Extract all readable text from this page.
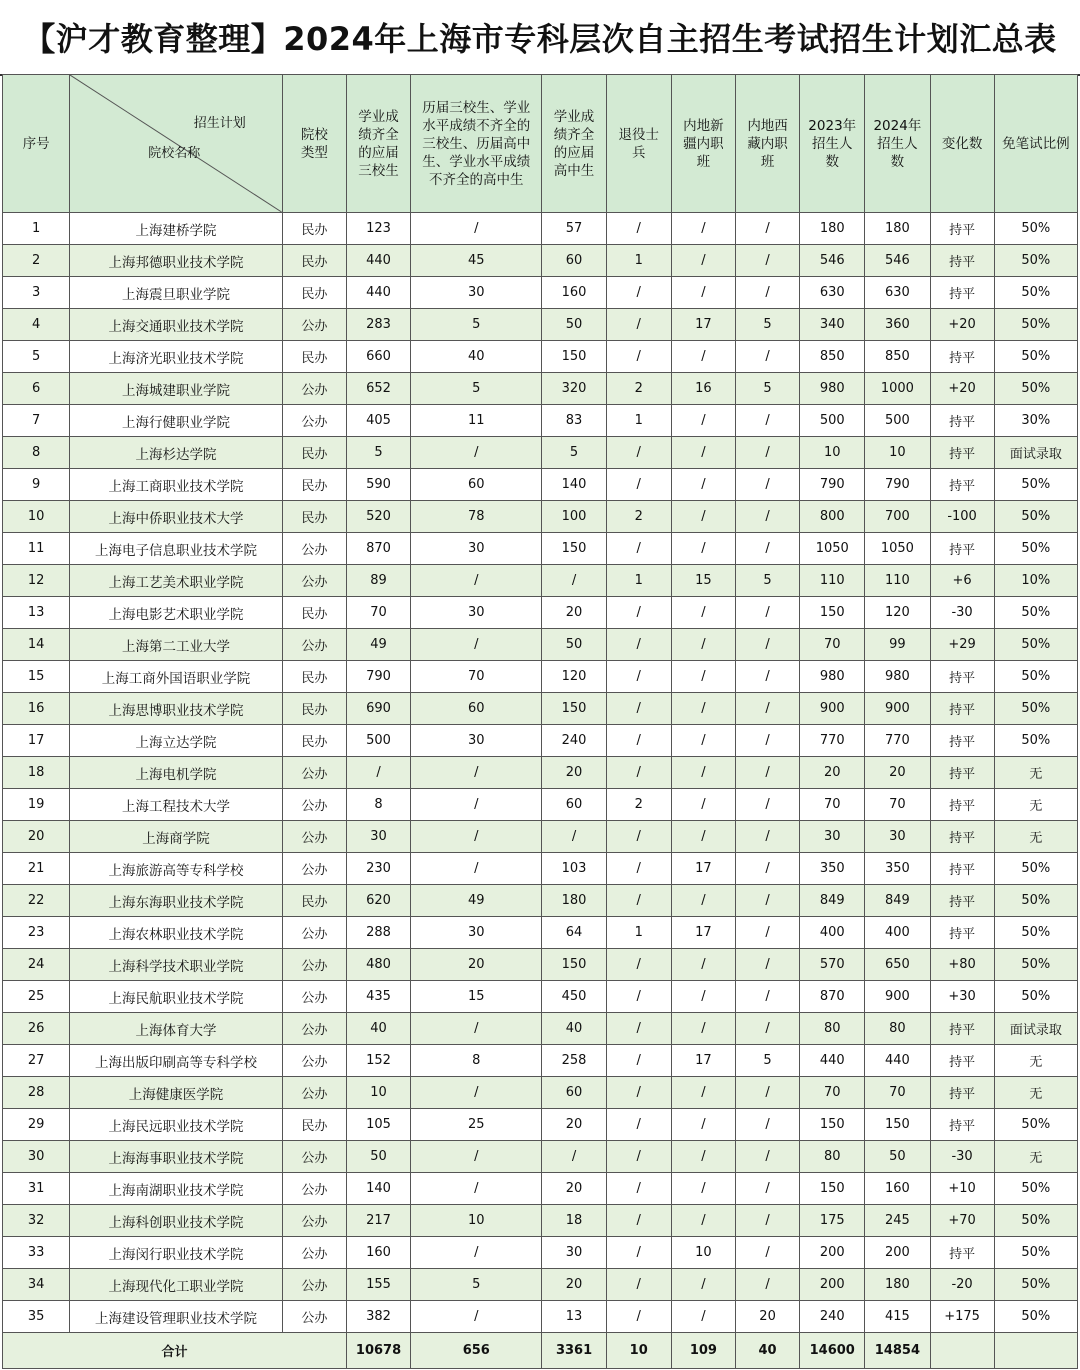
【沪才教育整理】2024年上海市专科层次自主招生考试招生计划汇总表
序号	招生计划
院校名称	院校类型	学业成绩齐全的应届三校生	历届三校生、学业水平成绩不齐全的三校生、历届高中生、学业水平成绩不齐全的高中生	学业成绩齐全的应届高中生	退役士兵	内地新疆内职班	内地西藏内职班	2023年招生人数	2024年招生人数	变化数	免笔试比例
1	上海建桥学院	民办	123	/	57	/	/	/	180	180	持平	50%
2	上海邦德职业技术学院	民办	440	45	60	1	/	/	546	546	持平	50%
3	上海震旦职业学院	民办	440	30	160	/	/	/	630	630	持平	50%
4	上海交通职业技术学院	公办	283	5	50	/	17	5	340	360	+20	50%
5	上海济光职业技术学院	民办	660	40	150	/	/	/	850	850	持平	50%
6	上海城建职业学院	公办	652	5	320	2	16	5	980	1000	+20	50%
7	上海行健职业学院	公办	405	11	83	1	/	/	500	500	持平	30%
8	上海杉达学院	民办	5	/	5	/	/	/	10	10	持平	面试录取
9	上海工商职业技术学院	民办	590	60	140	/	/	/	790	790	持平	50%
10	上海中侨职业技术大学	民办	520	78	100	2	/	/	800	700	-100	50%
11	上海电子信息职业技术学院	公办	870	30	150	/	/	/	1050	1050	持平	50%
12	上海工艺美术职业学院	公办	89	/	/	1	15	5	110	110	+6	10%
13	上海电影艺术职业学院	民办	70	30	20	/	/	/	150	120	-30	50%
14	上海第二工业大学	公办	49	/	50	/	/	/	70	99	+29	50%
15	上海工商外国语职业学院	民办	790	70	120	/	/	/	980	980	持平	50%
16	上海思博职业技术学院	民办	690	60	150	/	/	/	900	900	持平	50%
17	上海立达学院	民办	500	30	240	/	/	/	770	770	持平	50%
18	上海电机学院	公办	/	/	20	/	/	/	20	20	持平	无
19	上海工程技术大学	公办	8	/	60	2	/	/	70	70	持平	无
20	上海商学院	公办	30	/	/	/	/	/	30	30	持平	无
21	上海旅游高等专科学校	公办	230	/	103	/	17	/	350	350	持平	50%
22	上海东海职业技术学院	民办	620	49	180	/	/	/	849	849	持平	50%
23	上海农林职业技术学院	公办	288	30	64	1	17	/	400	400	持平	50%
24	上海科学技术职业学院	公办	480	20	150	/	/	/	570	650	+80	50%
25	上海民航职业技术学院	公办	435	15	450	/	/	/	870	900	+30	50%
26	上海体育大学	公办	40	/	40	/	/	/	80	80	持平	面试录取
27	上海出版印刷高等专科学校	公办	152	8	258	/	17	5	440	440	持平	无
28	上海健康医学院	公办	10	/	60	/	/	/	70	70	持平	无
29	上海民远职业技术学院	民办	105	25	20	/	/	/	150	150	持平	50%
30	上海海事职业技术学院	公办	50	/	/	/	/	/	80	50	-30	无
31	上海南湖职业技术学院	公办	140	/	20	/	/	/	150	160	+10	50%
32	上海科创职业技术学院	公办	217	10	18	/	/	/	175	245	+70	50%
33	上海闵行职业技术学院	公办	160	/	30	/	10	/	200	200	持平	50%
34	上海现代化工职业学院	公办	155	5	20	/	/	/	200	180	-20	50%
35	上海建设管理职业技术学院	公办	382	/	13	/	/	20	240	415	+175	50%
合计			10678	656	3361	10	109	40	14600	14854		
